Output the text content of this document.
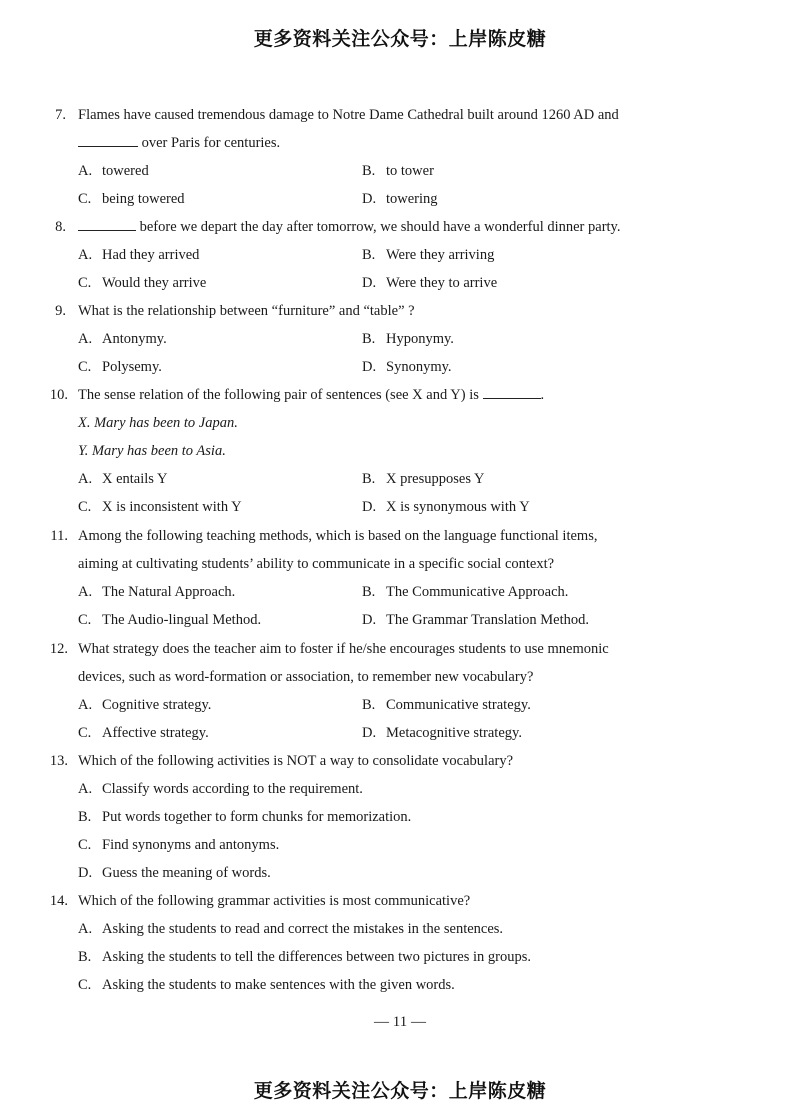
更多资料关注公众号：上岸陈皮糖
7. Flames have caused tremendous damage to Notre Dame Cathedral built around 1260 AD and
over Paris for centuries.
A. towered	B. to tower
C. being towered	D. towering
8.	before we depart the day after tomorrow, we should have a wonderful dinner party.
A. Had they arrived	B. Were they arriving
C. Would they arrive	D. Were they to arrive
9. What is the relationship between “furniture” and “table” ?
A. Antonymy.	B. Hyponymy.
C. Polysemy.	D. Synonymy.
10. The sense relation of the following pair of sentences (see X and Y) is	.
X. Mary has been to Japan.
Y. Mary has been to Asia.
A. X entails Y	B. X presupposes Y
C. X is inconsistent with Y	D. X is synonymous with Y
11. Among the following teaching methods, which is based on the language functional items,
aiming at cultivating students’ ability to communicate in a specific social context?
A. The Natural Approach.	B. The Communicative Approach.
C. The Audio-lingual Method.	D. The Grammar Translation Method.
12. What strategy does the teacher aim to foster if he/she encourages students to use mnemonic
devices, such as word-formation or association, to remember new vocabulary?
A. Cognitive strategy.	B. Communicative strategy.
C. Affective strategy.	D. Metacognitive strategy.
13. Which of the following activities is NOT a way to consolidate vocabulary?
A. Classify words according to the requirement.
B. Put words together to form chunks for memorization.
C. Find synonyms and antonyms.
D. Guess the meaning of words.
14. Which of the following grammar activities is most communicative?
A. Asking the students to read and correct the mistakes in the sentences.
B. Asking the students to tell the differences between two pictures in groups.
C. Asking the students to make sentences with the given words.
— 11 —
更多资料关注公众号：上岸陈皮糖
